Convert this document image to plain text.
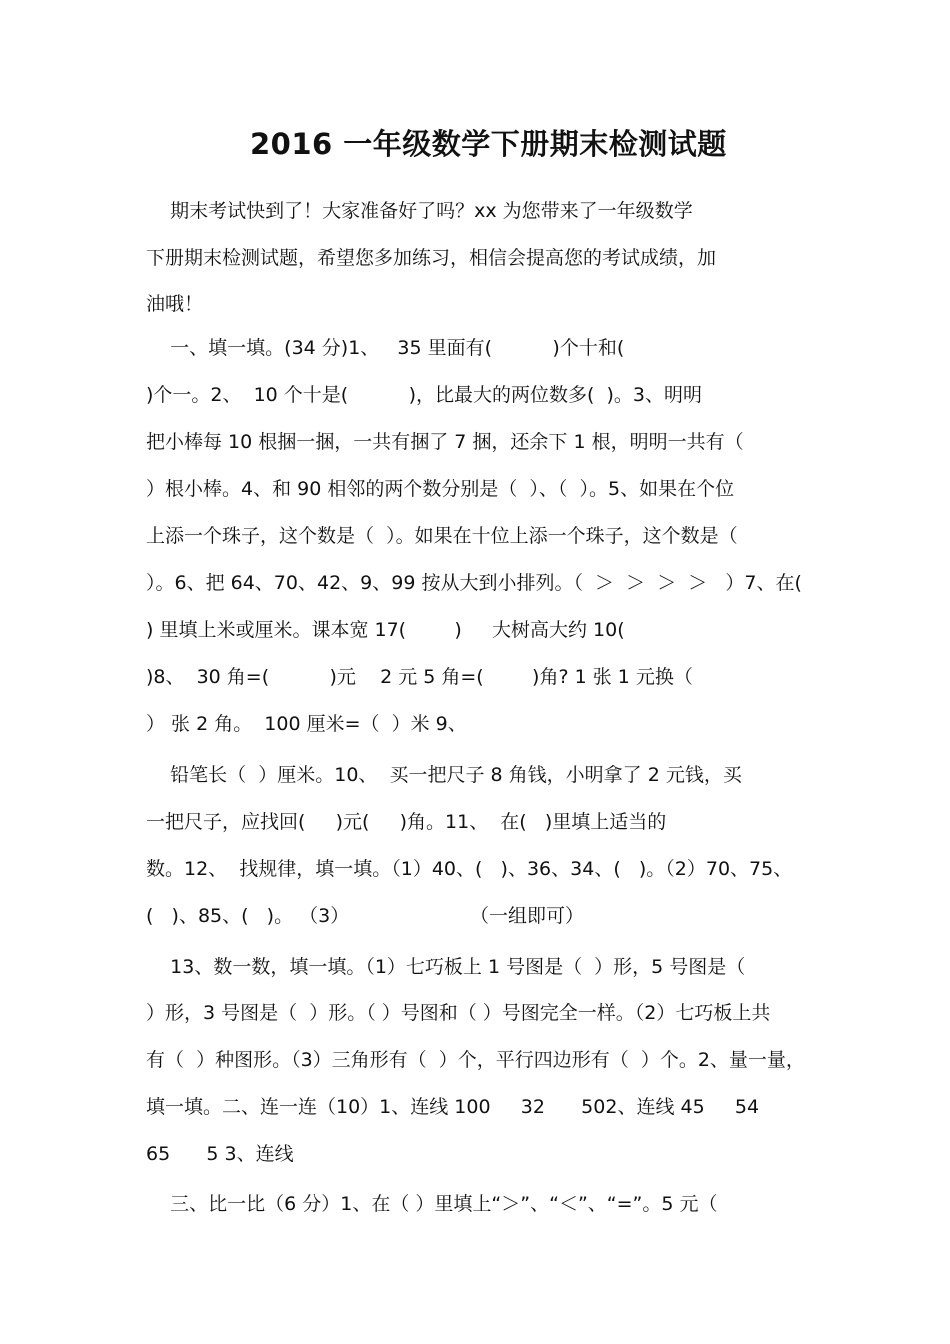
2016 一年级数学下册期末检测试题
期末考试快到了！大家准备好了吗？xx 为您带来了一年级数学
下册期末检测试题，希望您多加练习，相信会提高您的考试成绩，加
油哦！
一、填一填。(34 分)1、   35 里面有(          )个十和(
)个一。2、  10 个十是(          )，比最大的两位数多(  )。3、明明
把小棒每 10 根捆一捆，一共有捆了 7 捆，还余下 1 根，明明一共有（
）根小棒。4、和 90 相邻的两个数分别是（  ）、（  ）。5、如果在个位
上添一个珠子，这个数是（  ）。如果在十位上添一个珠子，这个数是（
）。6、把 64、70、42、9、99 按从大到小排列。（  ＞  ＞  ＞  ＞   ）7、在(
) 里填上米或厘米。课本宽 17(        )     大树高大约 10(
)8、  30 角=(          )元    2 元 5 角=(        )角? 1 张 1 元换（
） 张 2 角。  100 厘米=（  ）米 9、
铅笔长（  ）厘米。10、  买一把尺子 8 角钱，小明拿了 2 元钱，买
一把尺子，应找回(     )元(     )角。11、  在(   )里填上适当的
数。12、  找规律，填一填。（1）40、(   )、36、34、(   )。（2）70、75、
(   )、85、(   )。 （3）                    （一组即可）
13、数一数，填一填。（1）七巧板上 1 号图是（  ）形，5 号图是（
）形，3 号图是（  ）形。（ ）号图和（ ）号图完全一样。（2）七巧板上共
有（  ）种图形。（3）三角形有（  ）个，平行四边形有（  ）个。2、量一量，
填一填。二、连一连（10）1、连线 100     32      502、连线 45     54
65      5 3、连线
三、比一比（6 分）1、在（ ）里填上“＞”、“＜”、“=”。5 元（
